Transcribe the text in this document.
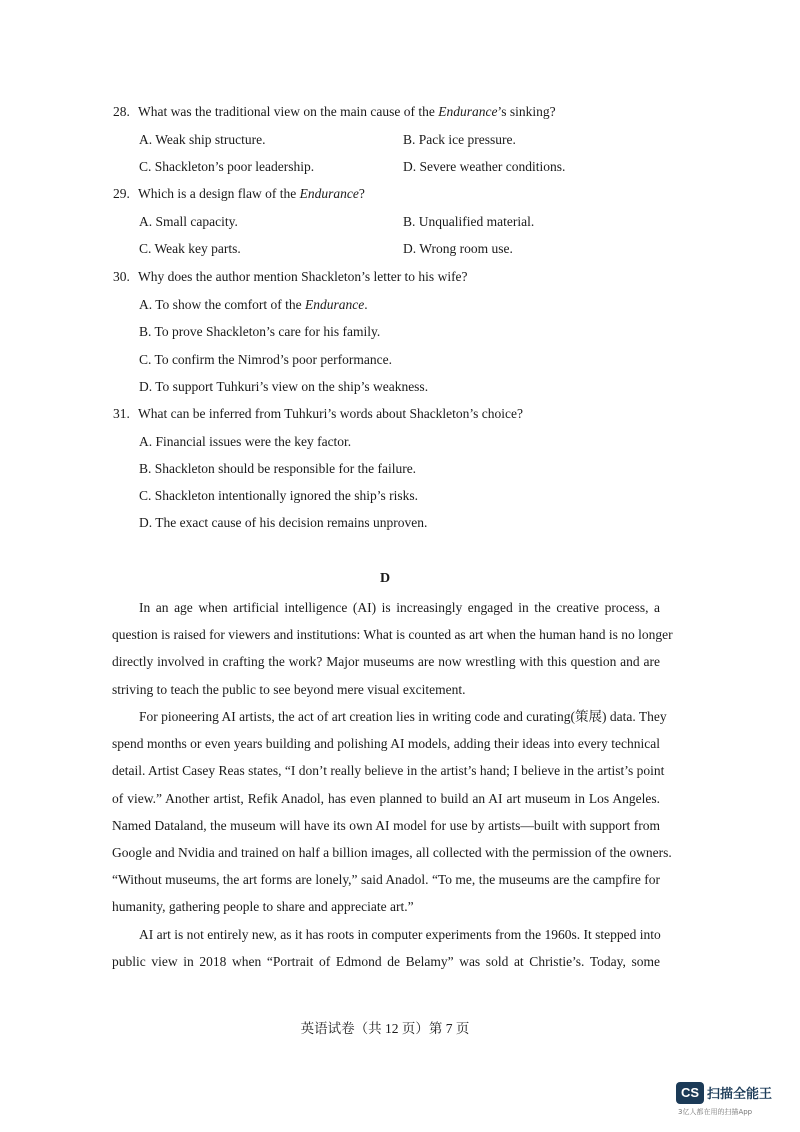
28. What was the traditional view on the main cause of the Endurance’s sinking?
A. Weak ship structure.	B. Pack ice pressure.
C. Shackleton’s poor leadership.	D. Severe weather conditions.
29. Which is a design flaw of the Endurance?
A. Small capacity.	B. Unqualified material.
C. Weak key parts.	D. Wrong room use.
30. Why does the author mention Shackleton’s letter to his wife?
A. To show the comfort of the Endurance.
B. To prove Shackleton’s care for his family.
C. To confirm the Nimrod’s poor performance.
D. To support Tuhkuri’s view on the ship’s weakness.
31. What can be inferred from Tuhkuri’s words about Shackleton’s choice?
A. Financial issues were the key factor.
B. Shackleton should be responsible for the failure.
C. Shackleton intentionally ignored the ship’s risks.
D. The exact cause of his decision remains unproven.
D
In an age when artificial intelligence (AI) is increasingly engaged in the creative process, a
question is raised for viewers and institutions: What is counted as art when the human hand is no longer
directly involved in crafting the work? Major museums are now wrestling with this question and are
striving to teach the public to see beyond mere visual excitement.
For pioneering AI artists, the act of art creation lies in writing code and curating(策展) data. They
spend months or even years building and polishing AI models, adding their ideas into every technical
detail. Artist Casey Reas states, “I don’t really believe in the artist’s hand; I believe in the artist’s point
of view.” Another artist, Refik Anadol, has even planned to build an AI art museum in Los Angeles.
Named Dataland, the museum will have its own AI model for use by artists—built with support from
Google and Nvidia and trained on half a billion images, all collected with the permission of the owners.
“Without museums, the art forms are lonely,” said Anadol. “To me, the museums are the campfire for
humanity, gathering people to share and appreciate art.”
AI art is not entirely new, as it has roots in computer experiments from the 1960s. It stepped into
public view in 2018 when “Portrait of Edmond de Belamy” was sold at Christie’s. Today, some
英语试卷（共 12 页）第 7 页
CS 扫描全能王
3亿人都在用的扫描App
